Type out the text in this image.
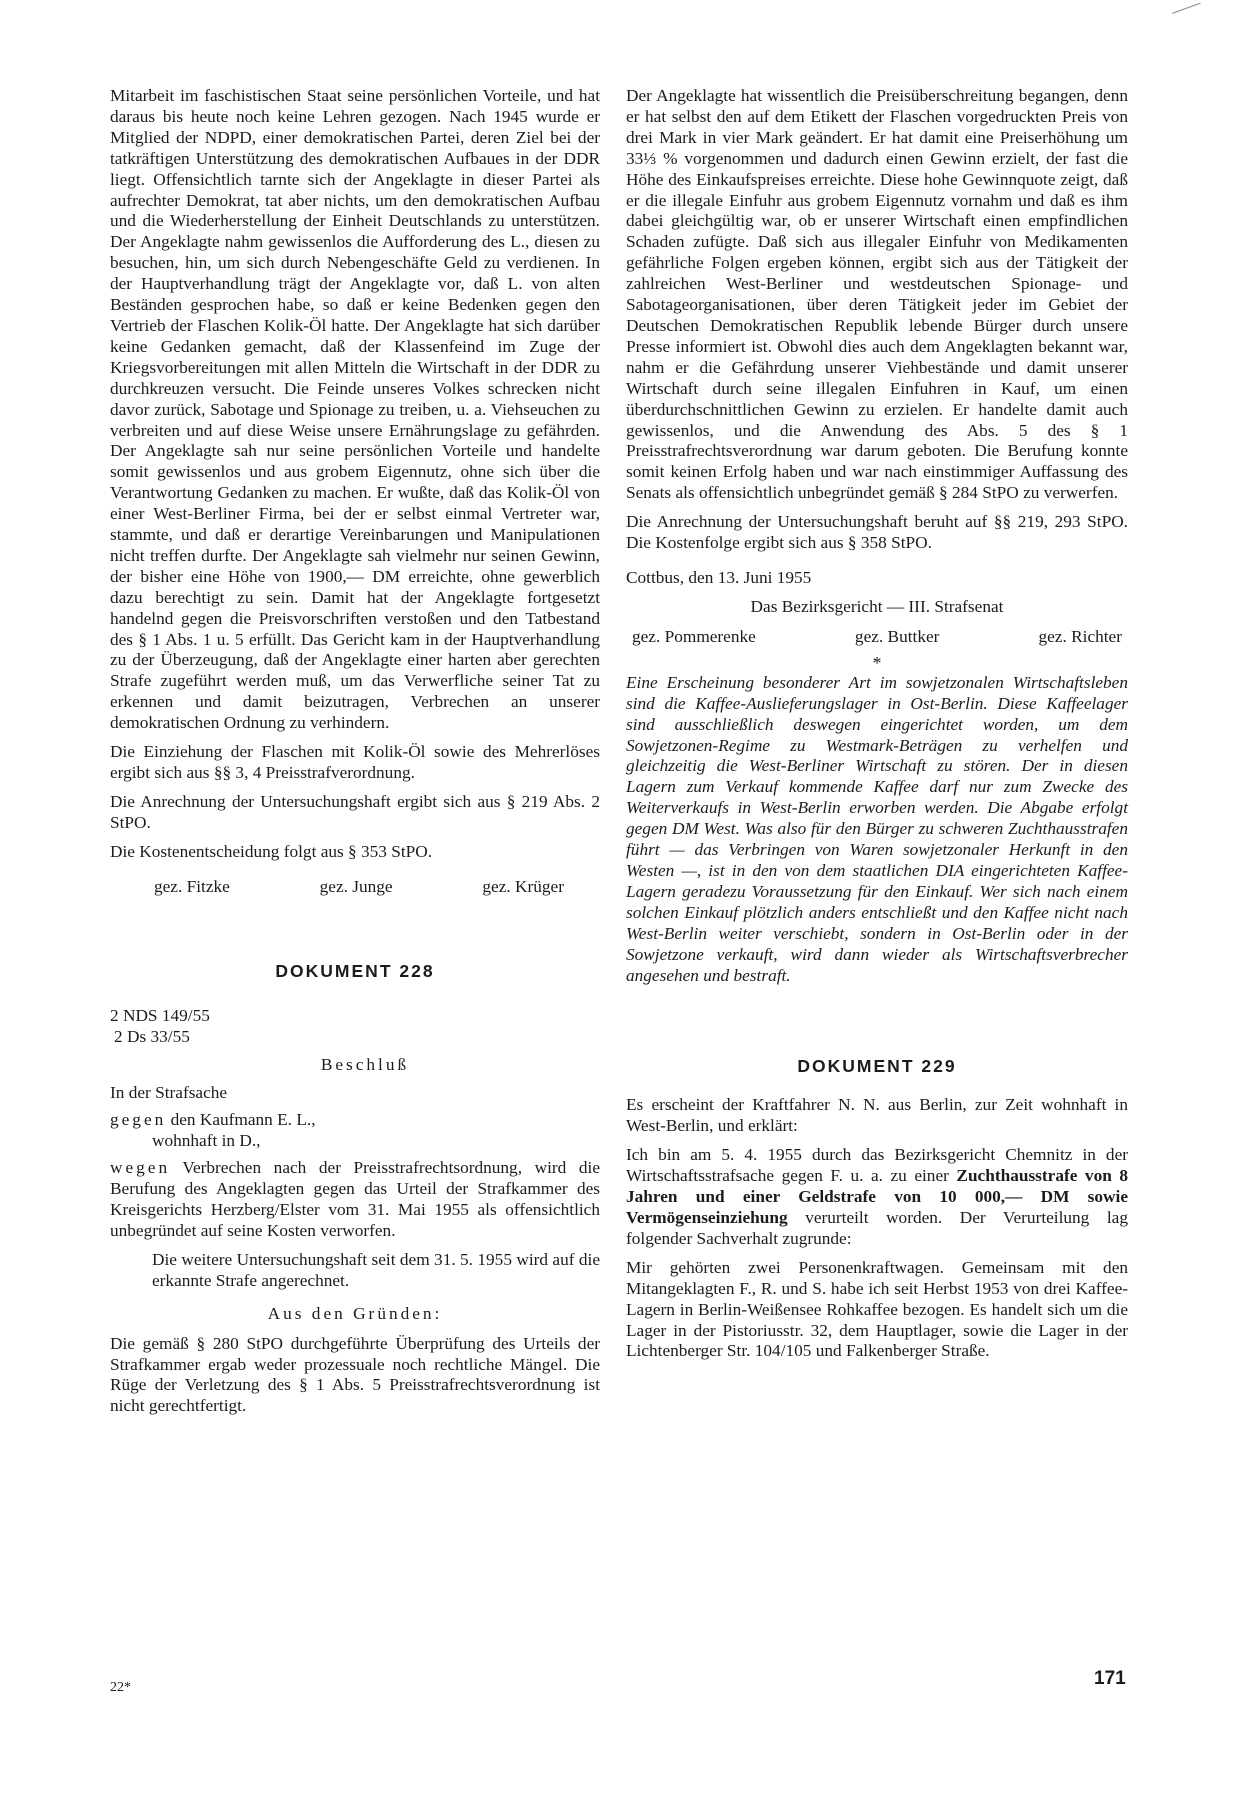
Mitarbeit im faschistischen Staat seine persönlichen Vorteile, und hat daraus bis heute noch keine Lehren gezogen. Nach 1945 wurde er Mitglied der NDPD, einer demokratischen Partei, deren Ziel bei der tatkräftigen Unterstützung des demokratischen Aufbaues in der DDR liegt. Offensichtlich tarnte sich der Angeklagte in dieser Partei als aufrechter Demokrat, tat aber nichts, um den demokratischen Aufbau und die Wiederherstellung der Einheit Deutschlands zu unterstützen. Der Angeklagte nahm gewissenlos die Aufforderung des L., diesen zu besuchen, hin, um sich durch Nebengeschäfte Geld zu verdienen. In der Hauptverhandlung trägt der Angeklagte vor, daß L. von alten Beständen gesprochen habe, so daß er keine Bedenken gegen den Vertrieb der Flaschen Kolik-Öl hatte. Der Angeklagte hat sich darüber keine Gedanken gemacht, daß der Klassenfeind im Zuge der Kriegsvorbereitungen mit allen Mitteln die Wirtschaft in der DDR zu durchkreuzen versucht. Die Feinde unseres Volkes schrecken nicht davor zurück, Sabotage und Spionage zu treiben, u. a. Viehseuchen zu verbreiten und auf diese Weise unsere Ernährungslage zu gefährden. Der Angeklagte sah nur seine persönlichen Vorteile und handelte somit gewissenlos und aus grobem Eigennutz, ohne sich über die Verantwortung Gedanken zu machen. Er wußte, daß das Kolik-Öl von einer West-Berliner Firma, bei der er selbst einmal Vertreter war, stammte, und daß er derartige Vereinbarungen und Manipulationen nicht treffen durfte. Der Angeklagte sah vielmehr nur seinen Gewinn, der bisher eine Höhe von 1900,— DM erreichte, ohne gewerblich dazu berechtigt zu sein. Damit hat der Angeklagte fortgesetzt handelnd gegen die Preisvorschriften verstoßen und den Tatbestand des § 1 Abs. 1 u. 5 erfüllt. Das Gericht kam in der Hauptverhandlung zu der Überzeugung, daß der Angeklagte einer harten aber gerechten Strafe zugeführt werden muß, um das Verwerfliche seiner Tat zu erkennen und damit beizutragen, Verbrechen an unserer demokratischen Ordnung zu verhindern.

Die Einziehung der Flaschen mit Kolik-Öl sowie des Mehrerlöses ergibt sich aus §§ 3, 4 Preisstrafverordnung.

Die Anrechnung der Untersuchungshaft ergibt sich aus § 219 Abs. 2 StPO.

Die Kostenentscheidung folgt aus § 353 StPO.

gez. Fitzke	gez. Junge	gez. Krüger
DOKUMENT 228
2 NDS 149/55
2 Ds 33/55
Beschluß

In der Strafsache

gegen den Kaufmann E. L.,
wohnhaft in D.,

wegen Verbrechen nach der Preisstrafrechtsordnung, wird die Berufung des Angeklagten gegen das Urteil der Strafkammer des Kreisgerichts Herzberg/Elster vom 31. Mai 1955 als offensichtlich unbegründet auf seine Kosten verworfen.

Die weitere Untersuchungshaft seit dem 31. 5. 1955 wird auf die erkannte Strafe angerechnet.

Aus den Gründen:

Die gemäß § 280 StPO durchgeführte Überprüfung des Urteils der Strafkammer ergab weder prozessuale noch rechtliche Mängel. Die Rüge der Verletzung des § 1 Abs. 5 Preisstrafrechtsverordnung ist nicht gerechtfertigt.

Der Angeklagte hat wissentlich die Preisüberschreitung begangen, denn er hat selbst den auf dem Etikett der Flaschen vorgedruckten Preis von drei Mark in vier Mark geändert. Er hat damit eine Preiserhöhung um 33⅓ % vorgenommen und dadurch einen Gewinn erzielt, der fast die Höhe des Einkaufspreises erreichte. Diese hohe Gewinnquote zeigt, daß er die illegale Einfuhr aus grobem Eigennutz vornahm und daß es ihm dabei gleichgültig war, ob er unserer Wirtschaft einen empfindlichen Schaden zufügte. Daß sich aus illegaler Einfuhr von Medikamenten gefährliche Folgen ergeben können, ergibt sich aus der Tätigkeit der zahlreichen West-Berliner und westdeutschen Spionage- und Sabotageorganisationen, über deren Tätigkeit jeder im Gebiet der Deutschen Demokratischen Republik lebende Bürger durch unsere Presse informiert ist. Obwohl dies auch dem Angeklagten bekannt war, nahm er die Gefährdung unserer Viehbestände und damit unserer Wirtschaft durch seine illegalen Einfuhren in Kauf, um einen überdurchschnittlichen Gewinn zu erzielen. Er handelte damit auch gewissenlos, und die Anwendung des Abs. 5 des § 1 Preisstrafrechtsverordnung war darum geboten. Die Berufung konnte somit keinen Erfolg haben und war nach einstimmiger Auffassung des Senats als offensichtlich unbegründet gemäß § 284 StPO zu verwerfen.

Die Anrechnung der Untersuchungshaft beruht auf §§ 219, 293 StPO. Die Kostenfolge ergibt sich aus § 358 StPO.

Cottbus, den 13. Juni 1955

Das Bezirksgericht — III. Strafsenat
gez. Pommerenke	gez. Buttker	gez. Richter
*

Eine Erscheinung besonderer Art im sowjetzonalen Wirtschaftsleben sind die Kaffee-Auslieferungslager in Ost-Berlin. Diese Kaffeelager sind ausschließlich deswegen eingerichtet worden, um dem Sowjetzonen-Regime zu Westmark-Beträgen zu verhelfen und gleichzeitig die West-Berliner Wirtschaft zu stören. Der in diesen Lagern zum Verkauf kommende Kaffee darf nur zum Zwecke des Weiterverkaufs in West-Berlin erworben werden. Die Abgabe erfolgt gegen DM West. Was also für den Bürger zu schweren Zuchthausstrafen führt — das Verbringen von Waren sowjetzonaler Herkunft in den Westen —, ist in den von dem staatlichen DIA eingerichteten Kaffee-Lagern geradezu Voraussetzung für den Einkauf. Wer sich nach einem solchen Einkauf plötzlich anders entschließt und den Kaffee nicht nach West-Berlin weiter verschiebt, sondern in Ost-Berlin oder in der Sowjetzone verkauft, wird dann wieder als Wirtschaftsverbrecher angesehen und bestraft.

DOKUMENT 229

Es erscheint der Kraftfahrer N. N. aus Berlin, zur Zeit wohnhaft in West-Berlin, und erklärt:

Ich bin am 5. 4. 1955 durch das Bezirksgericht Chemnitz in der Wirtschaftsstrafsache gegen F. u. a. zu einer Zuchthausstrafe von 8 Jahren und einer Geldstrafe von 10 000,— DM sowie Vermögenseinziehung verurteilt worden. Der Verurteilung lag folgender Sachverhalt zugrunde:

Mir gehörten zwei Personenkraftwagen. Gemeinsam mit den Mitangeklagten F., R. und S. habe ich seit Herbst 1953 von drei Kaffee-Lagern in Berlin-Weißensee Rohkaffee bezogen. Es handelt sich um die Lager in der Pistoriusstr. 32, dem Hauptlager, sowie die Lager in der Lichtenberger Str. 104/105 und Falkenberger Straße.

22*	171
